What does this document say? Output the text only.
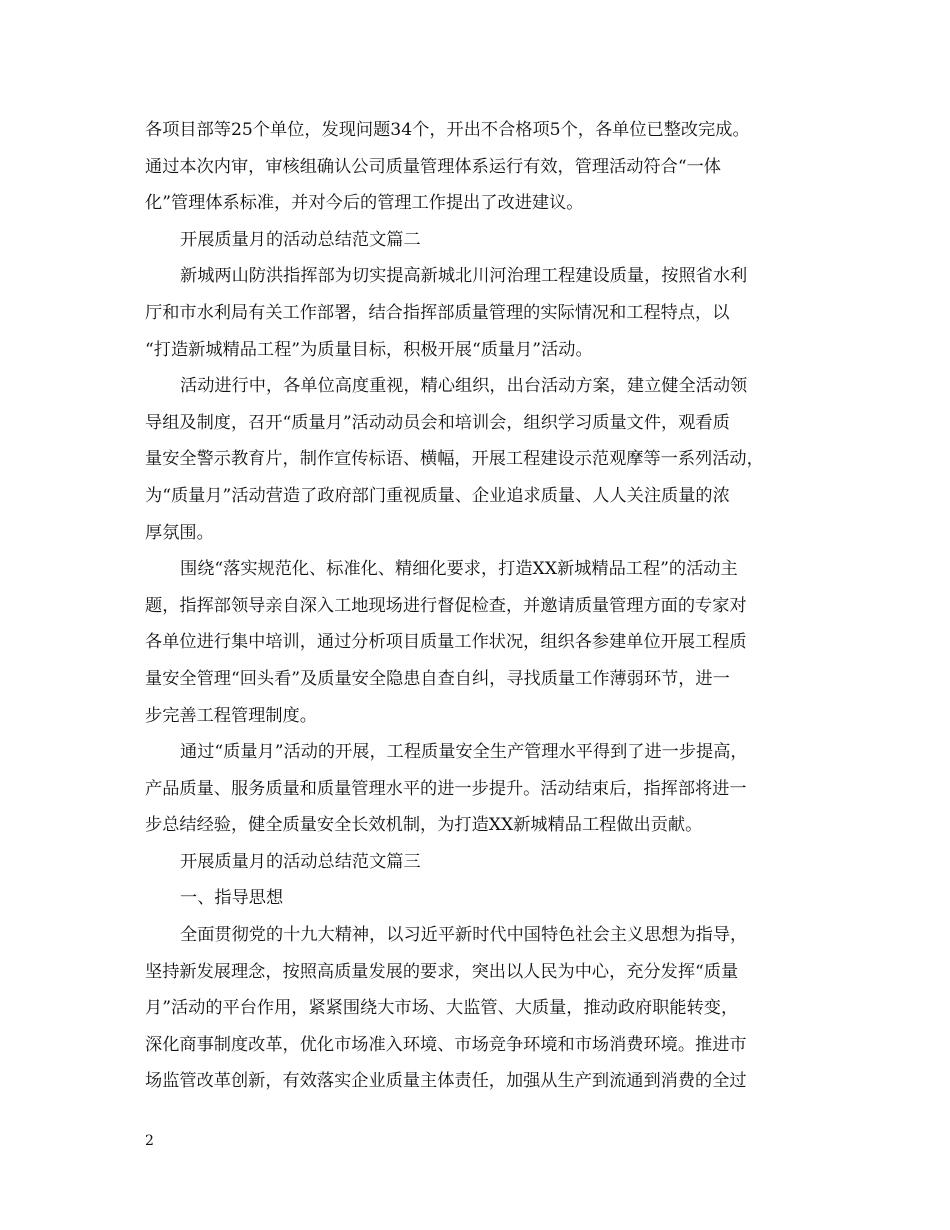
各项目部等25个单位，发现问题34个，开出不合格项5个，各单位已整改完成。
通过本次内审，审核组确认公司质量管理体系运行有效，管理活动符合“一体
化”管理体系标准，并对今后的管理工作提出了改进建议。
开展质量月的活动总结范文篇二
新城两山防洪指挥部为切实提高新城北川河治理工程建设质量，按照省水利
厅和市水利局有关工作部署，结合指挥部质量管理的实际情况和工程特点，以
“打造新城精品工程”为质量目标，积极开展“质量月”活动。
活动进行中，各单位高度重视，精心组织，出台活动方案，建立健全活动领
导组及制度，召开“质量月”活动动员会和培训会，组织学习质量文件，观看质
量安全警示教育片，制作宣传标语、横幅，开展工程建设示范观摩等一系列活动，
为“质量月”活动营造了政府部门重视质量、企业追求质量、人人关注质量的浓
厚氛围。
围绕“落实规范化、标准化、精细化要求，打造XX新城精品工程”的活动主
题，指挥部领导亲自深入工地现场进行督促检查，并邀请质量管理方面的专家对
各单位进行集中培训，通过分析项目质量工作状况，组织各参建单位开展工程质
量安全管理“回头看”及质量安全隐患自查自纠，寻找质量工作薄弱环节，进一
步完善工程管理制度。
通过“质量月”活动的开展，工程质量安全生产管理水平得到了进一步提高，
产品质量、服务质量和质量管理水平的进一步提升。活动结束后，指挥部将进一
步总结经验，健全质量安全长效机制，为打造XX新城精品工程做出贡献。
开展质量月的活动总结范文篇三
一、指导思想
全面贯彻党的十九大精神，以习近平新时代中国特色社会主义思想为指导，
坚持新发展理念，按照高质量发展的要求，突出以人民为中心，充分发挥“质量
月”活动的平台作用，紧紧围绕大市场、大监管、大质量，推动政府职能转变，
深化商事制度改革，优化市场准入环境、市场竞争环境和市场消费环境。推进市
场监管改革创新，有效落实企业质量主体责任，加强从生产到流通到消费的全过
2
